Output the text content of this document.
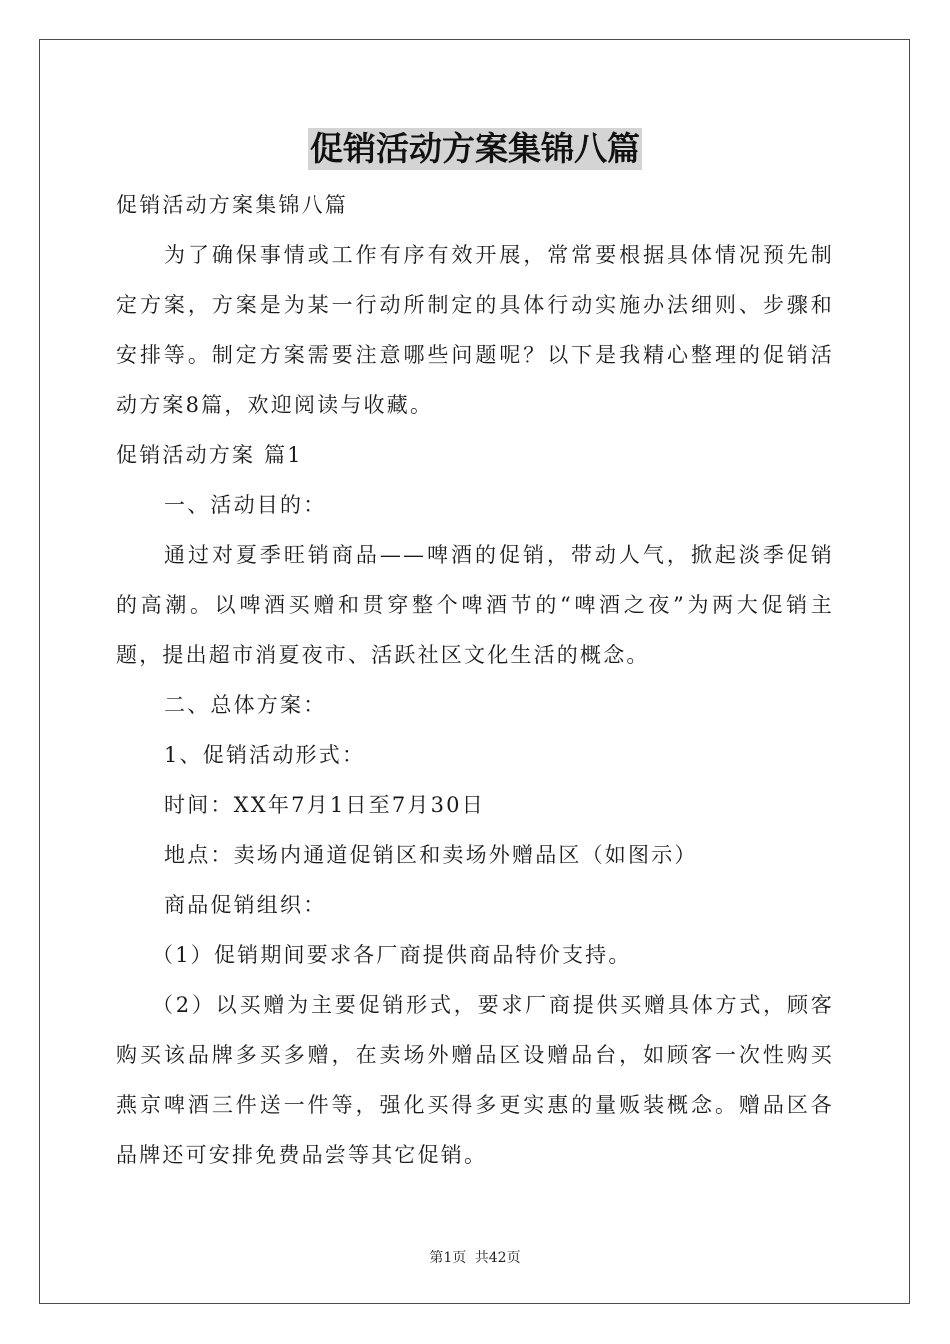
促销活动方案集锦八篇

促销活动方案集锦八篇

为了确保事情或工作有序有效开展，常常要根据具体情况预先制定方案，方案是为某一行动所制定的具体行动实施办法细则、步骤和安排等。制定方案需要注意哪些问题呢？以下是我精心整理的促销活动方案8篇，欢迎阅读与收藏。

促销活动方案 篇1

一、活动目的：

通过对夏季旺销商品——啤酒的促销，带动人气，掀起淡季促销的高潮。以啤酒买赠和贯穿整个啤酒节的“啤酒之夜”为两大促销主题，提出超市消夏夜市、活跃社区文化生活的概念。

二、总体方案：

1、促销活动形式：

时间：XX年7月1日至7月30日

地点：卖场内通道促销区和卖场外赠品区（如图示）

商品促销组织：

（1）促销期间要求各厂商提供商品特价支持。

（2）以买赠为主要促销形式，要求厂商提供买赠具体方式，顾客购买该品牌多买多赠，在卖场外赠品区设赠品台，如顾客一次性购买燕京啤酒三件送一件等，强化买得多更实惠的量贩装概念。赠品区各品牌还可安排免费品尝等其它促销。

第1页 共42页
